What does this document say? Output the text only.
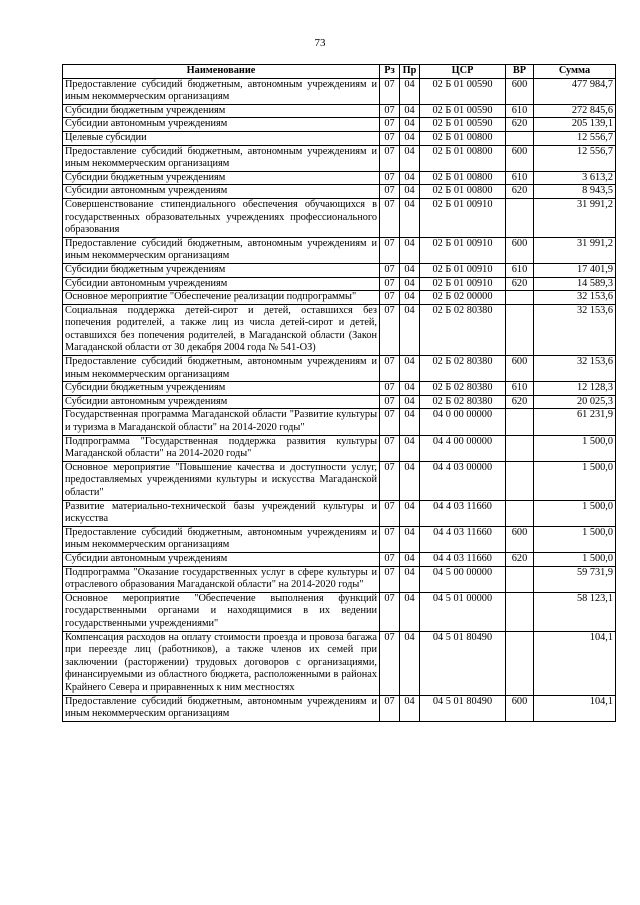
73
Наименование	Рз	Пр	ЦСР	ВР	Сумма
Предоставление субсидий бюджетным, автономным учреждениям и иным некоммерческим организациям	07	04	02 Б 01 00590	600	477 984,7
Субсидии бюджетным учреждениям	07	04	02 Б 01 00590	610	272 845,6
Субсидии автономным учреждениям	07	04	02 Б 01 00590	620	205 139,1
Целевые субсидии	07	04	02 Б 01 00800		12 556,7
Предоставление субсидий бюджетным, автономным учреждениям и иным некоммерческим организациям	07	04	02 Б 01 00800	600	12 556,7
Субсидии бюджетным учреждениям	07	04	02 Б 01 00800	610	3 613,2
Субсидии автономным учреждениям	07	04	02 Б 01 00800	620	8 943,5
Совершенствование стипендиального обеспечения обучающихся в государственных образовательных учреждениях профессионального образования	07	04	02 Б 01 00910		31 991,2
Предоставление субсидий бюджетным, автономным учреждениям и иным некоммерческим организациям	07	04	02 Б 01 00910	600	31 991,2
Субсидии бюджетным учреждениям	07	04	02 Б 01 00910	610	17 401,9
Субсидии автономным учреждениям	07	04	02 Б 01 00910	620	14 589,3
Основное мероприятие "Обеспечение реализации подпрограммы"	07	04	02 Б 02 00000		32 153,6
Социальная поддержка детей-сирот и детей, оставшихся без попечения родителей, а также лиц из числа детей-сирот и детей, оставшихся без попечения родителей, в Магаданской области (Закон Магаданской области от 30 декабря 2004 года № 541-ОЗ)	07	04	02 Б 02 80380		32 153,6
Предоставление субсидий бюджетным, автономным учреждениям и иным некоммерческим организациям	07	04	02 Б 02 80380	600	32 153,6
Субсидии бюджетным учреждениям	07	04	02 Б 02 80380	610	12 128,3
Субсидии автономным учреждениям	07	04	02 Б 02 80380	620	20 025,3
Государственная программа Магаданской области "Развитие культуры и туризма в Магаданской области" на 2014-2020 годы"	07	04	04 0 00 00000		61 231,9
Подпрограмма "Государственная поддержка развития культуры Магаданской области" на 2014-2020 годы"	07	04	04 4 00 00000		1 500,0
Основное мероприятие "Повышение качества и доступности услуг, предоставляемых учреждениями культуры и искусства Магаданской области"	07	04	04 4 03 00000		1 500,0
Развитие материально-технической базы учреждений культуры и искусства	07	04	04 4 03 11660		1 500,0
Предоставление субсидий бюджетным, автономным учреждениям и иным некоммерческим организациям	07	04	04 4 03 11660	600	1 500,0
Субсидии автономным учреждениям	07	04	04 4 03 11660	620	1 500,0
Подпрограмма "Оказание государственных услуг в сфере культуры и отраслевого образования Магаданской области" на 2014-2020 годы"	07	04	04 5 00 00000		59 731,9
Основное мероприятие "Обеспечение выполнения функций государственными органами и находящимися в их ведении государственными учреждениями"	07	04	04 5 01 00000		58 123,1
Компенсация расходов на оплату стоимости проезда и провоза багажа при переезде лиц (работников), а также членов их семей при заключении (расторжении) трудовых договоров с организациями, финансируемыми из областного бюджета, расположенными в районах Крайнего Севера и приравненных к ним местностях	07	04	04 5 01 80490		104,1
Предоставление субсидий бюджетным, автономным учреждениям и иным некоммерческим организациям	07	04	04 5 01 80490	600	104,1
